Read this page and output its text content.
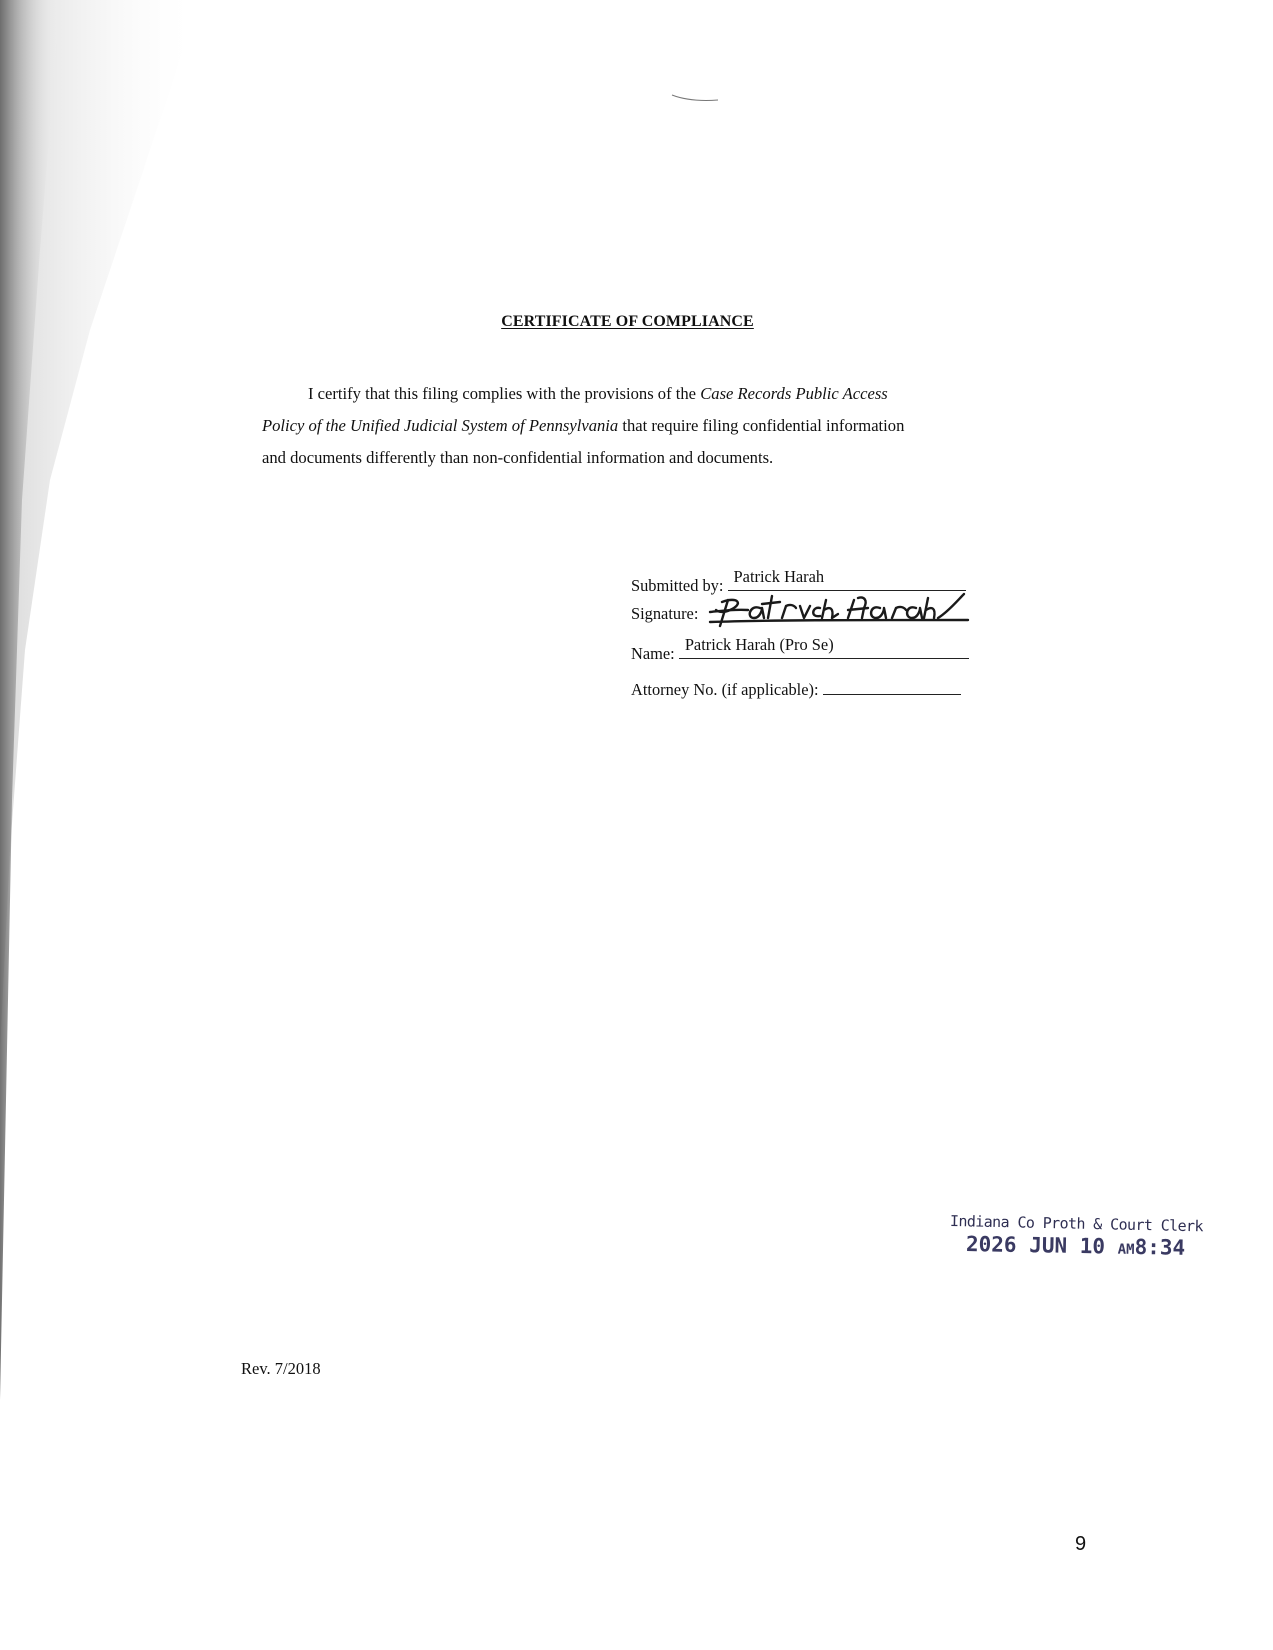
CERTIFICATE OF COMPLIANCE
I certify that this filing complies with the provisions of the Case Records Public Access
Policy of the Unified Judicial System of Pennsylvania that require filing confidential information
and documents differently than non-confidential information and documents.
Submitted by: Patrick Harah
Signature:
Name: Patrick Harah (Pro Se)
Attorney No. (if applicable):
Indiana Co Proth & Court Clerk
2026 JUN 10 AM8:34
Rev. 7/2018
9
